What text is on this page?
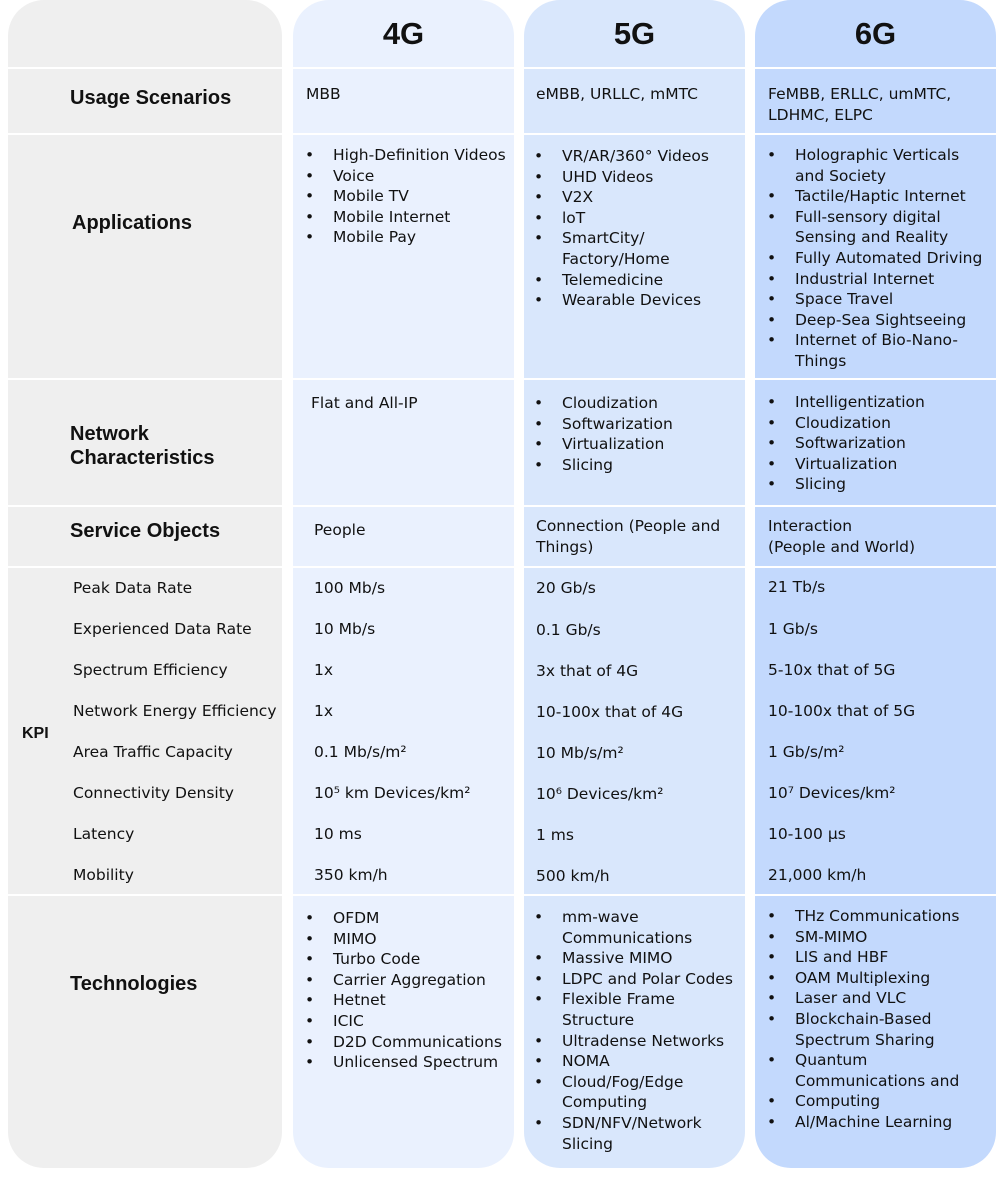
4G	5G	6G
Usage Scenarios	MBB	eMBB, URLLC, mMTC	FeMBB, ERLLC, umMTC,
LDHMC, ELPC
Applications
• High-Definition Videos
• Voice
• Mobile TV
• Mobile Internet
• Mobile Pay
• VR/AR/360° Videos
• UHD Videos
• V2X
• loT
• SmartCity/ Factory/Home
• Telemedicine
• Wearable Devices
• Holographic Verticals and Society
• Tactile/Haptic Internet
• Full-sensory digital Sensing and Reality
• Fully Automated Driving
• Industrial Internet
• Space Travel
• Deep-Sea Sightseeing
• Internet of Bio-Nano-Things
Network
Characteristics
Flat and All-IP
•	Cloudization
• Softwarization
• Virtualization
• Slicing
• Intelligentization
• Cloudization
• Softwarization
• Virtualization
• Slicing
Service Objects	People	Connection (People and
Things)
Interaction
(People and World)
KPI
Peak Data Rate	100 Mb/s	20 Gb/s	21 Tb/s
Experienced Data Rate	10 Mb/s	0.1 Gb/s	1 Gb/s
Spectrum Efficiency	1x	3x that of 4G	5-10x that of 5G
Network Energy Efficiency 1x	10-100x that of 4G	10-100x that of 5G
Area Traffic Capacity	0.1 Mb/s/m²	10 Mb/s/m²	1 Gb/s/m²
Connectivity Density	10⁵ km Devices/km²	10⁶ Devices/km²	10⁷ Devices/km²
Latency	10 ms	1 ms	10-100 µs
Mobility	350 km/h	500 km/h	21,000 km/h
Technologies
• OFDM
• MIMO
• Turbo Code
• Carrier Aggregation
• Hetnet
• ICIC
• D2D Communications
• Unlicensed Spectrum
• mm-wave Communications
• Massive MIMO
• LDPC and Polar Codes
• Flexible Frame Structure
• Ultradense Networks
• NOMA
• Cloud/Fog/Edge Computing
• SDN/NFV/Network Slicing
• THz Communications
• SM-MIMO
• LIS and HBF
• OAM Multiplexing
• Laser and VLC
• Blockchain-Based Spectrum Sharing
• Quantum Communications and
• Computing
• Al/Machine Learning
